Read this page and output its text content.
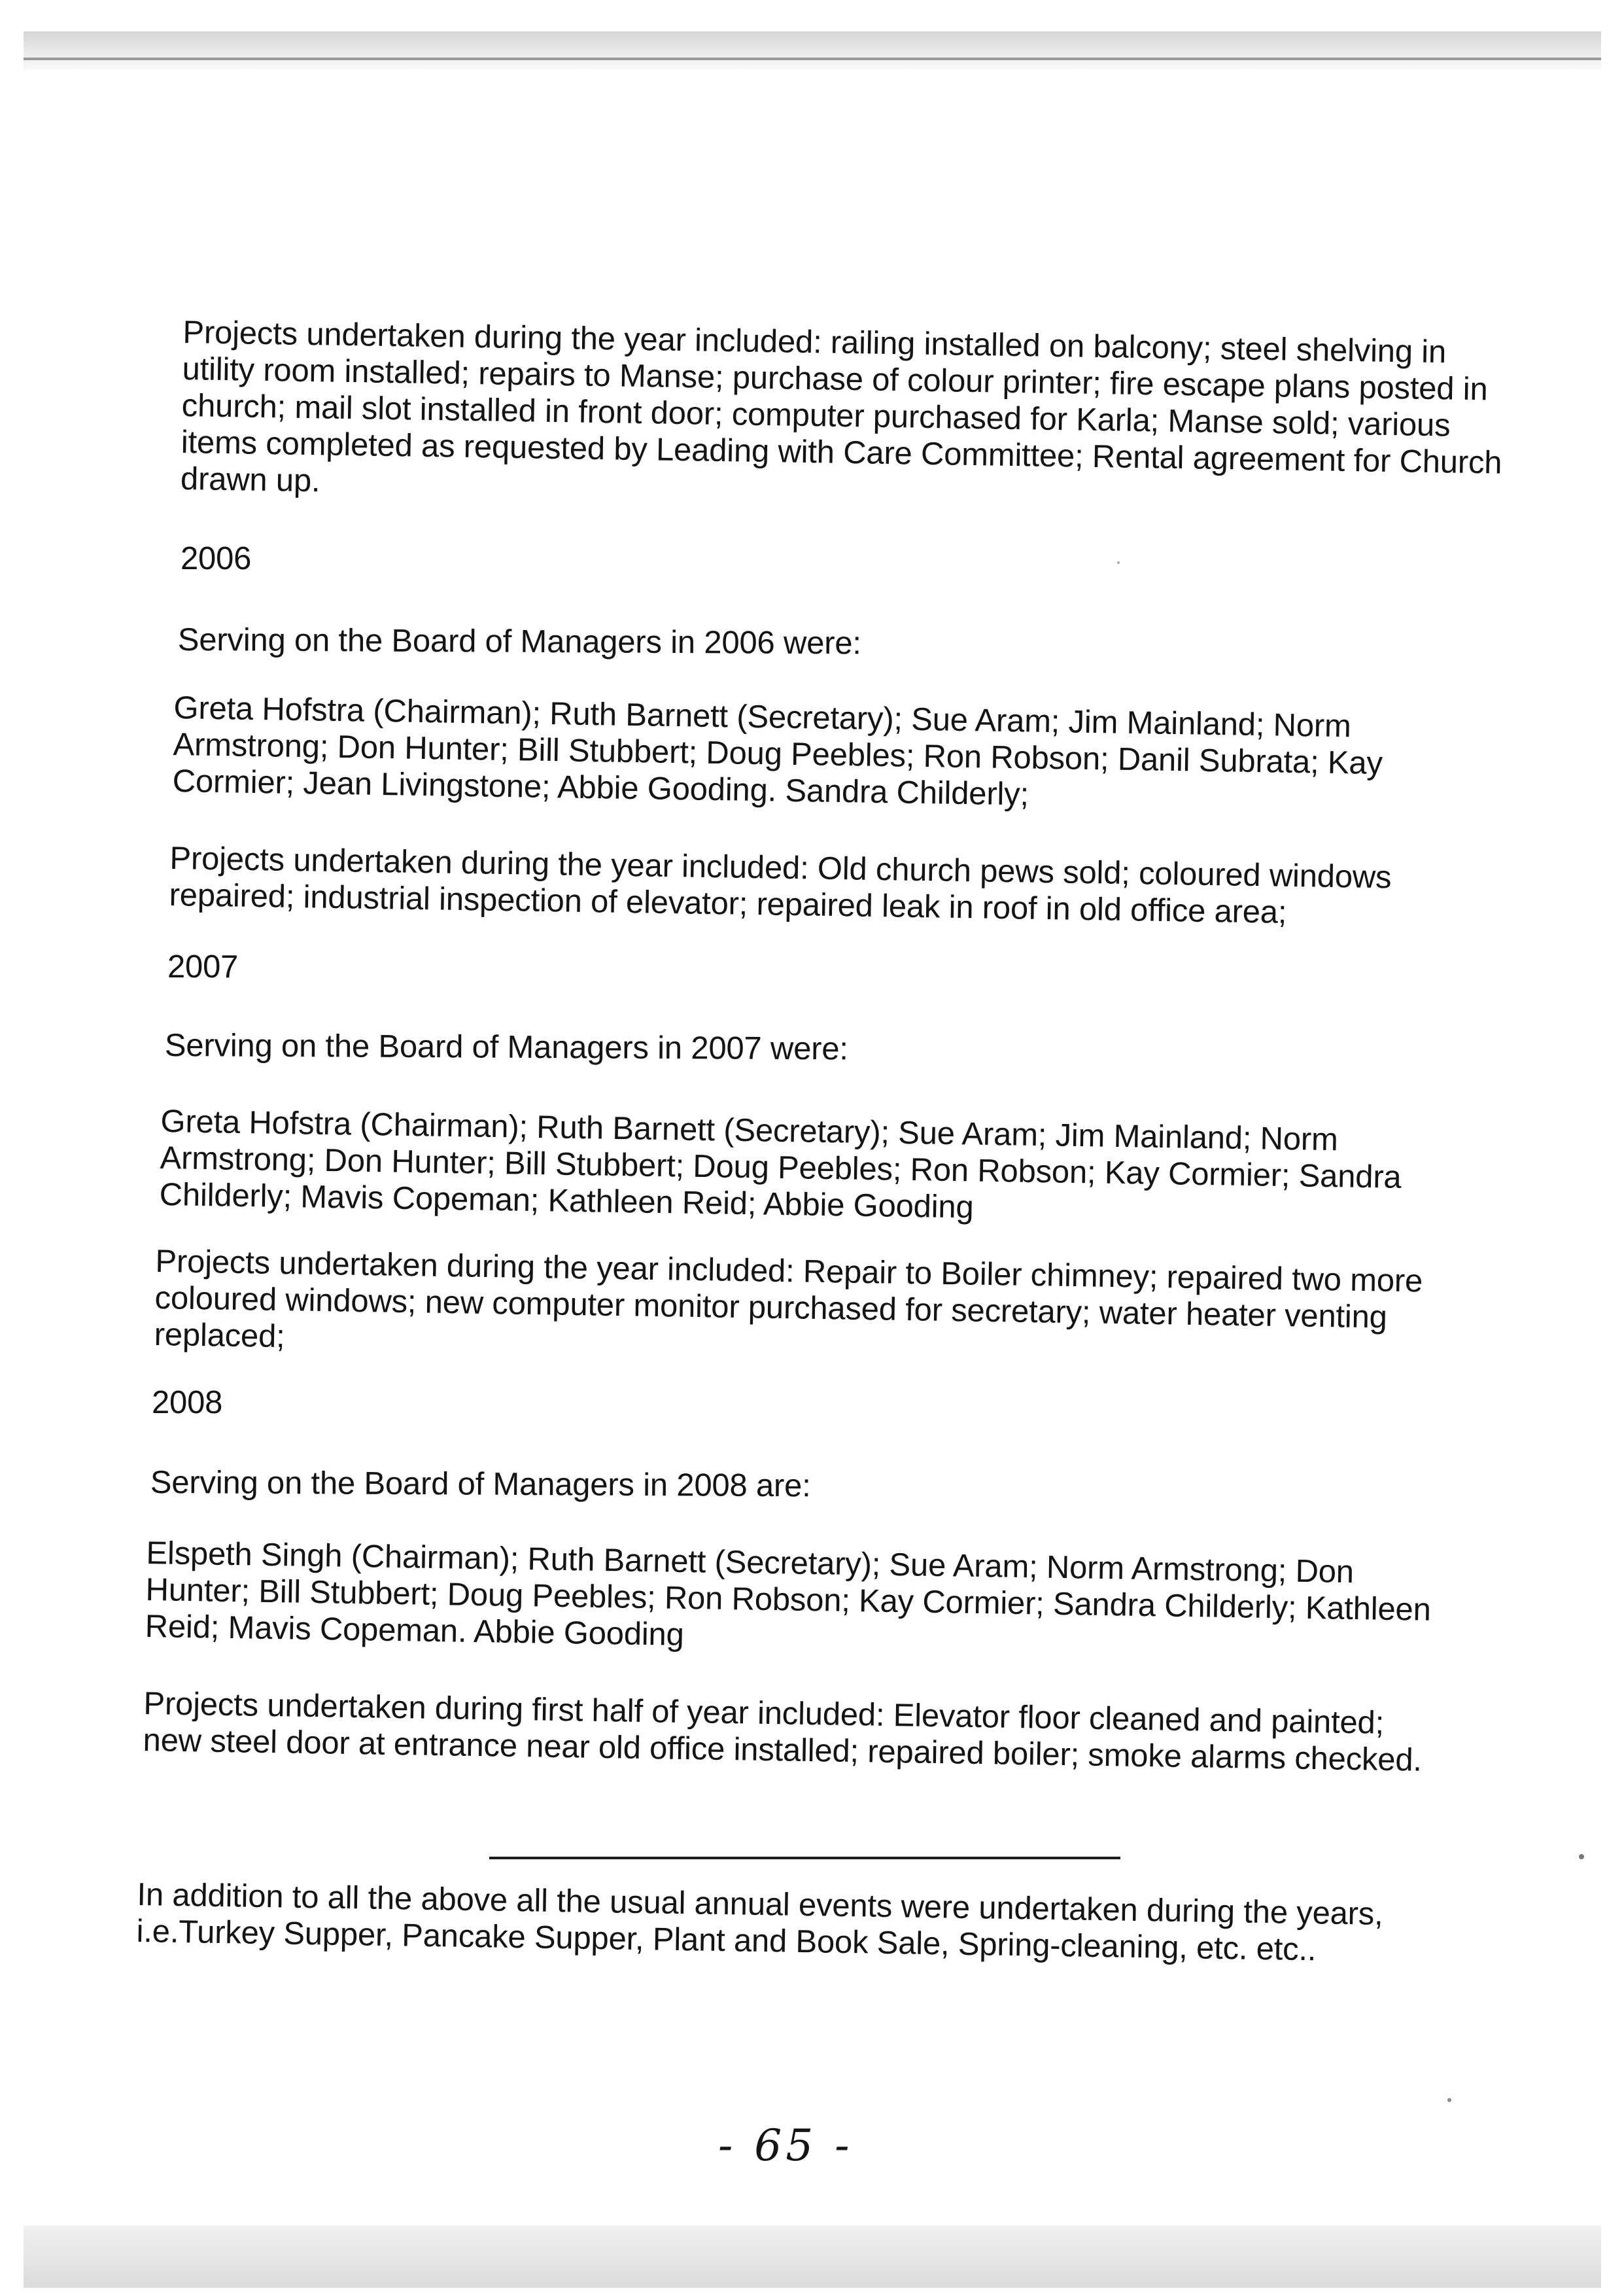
Projects undertaken during the year included: railing installed on balcony; steel shelving in utility room installed; repairs to Manse; purchase of colour printer; fire escape plans posted in church; mail slot installed in front door; computer purchased for Karla; Manse sold; various items completed as requested by Leading with Care Committee; Rental agreement for Church drawn up.

2006

Serving on the Board of Managers in 2006 were:

Greta Hofstra (Chairman); Ruth Barnett (Secretary); Sue Aram; Jim Mainland; Norm Armstrong; Don Hunter; Bill Stubbert; Doug Peebles; Ron Robson; Danil Subrata; Kay Cormier; Jean Livingstone; Abbie Gooding. Sandra Childerly;

Projects undertaken during the year included: Old church pews sold; coloured windows repaired; industrial inspection of elevator; repaired leak in roof in old office area;

2007

Serving on the Board of Managers in 2007 were:

Greta Hofstra (Chairman); Ruth Barnett (Secretary); Sue Aram; Jim Mainland; Norm Armstrong; Don Hunter; Bill Stubbert; Doug Peebles; Ron Robson; Kay Cormier; Sandra Childerly; Mavis Copeman; Kathleen Reid; Abbie Gooding

Projects undertaken during the year included: Repair to Boiler chimney; repaired two more coloured windows; new computer monitor purchased for secretary; water heater venting replaced;

2008

Serving on the Board of Managers in 2008 are:

Elspeth Singh (Chairman); Ruth Barnett (Secretary); Sue Aram; Norm Armstrong; Don Hunter; Bill Stubbert; Doug Peebles; Ron Robson; Kay Cormier; Sandra Childerly; Kathleen Reid; Mavis Copeman. Abbie Gooding

Projects undertaken during first half of year included: Elevator floor cleaned and painted; new steel door at entrance near old office installed; repaired boiler; smoke alarms checked.

In addition to all the above all the usual annual events were undertaken during the years, i.e.Turkey Supper, Pancake Supper, Plant and Book Sale, Spring-cleaning, etc. etc..

- 65 -
